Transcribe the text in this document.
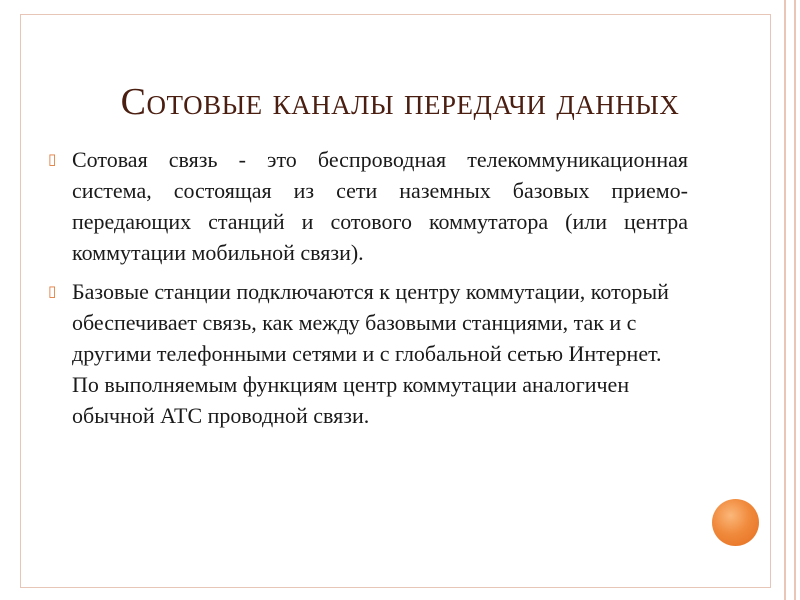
Сотовые каналы передачи данных
▯ Сотовая связь - это беспроводная телекоммуникационная система, состоящая из сети наземных базовых приемо-передающих станций и сотового коммутатора (или центра коммутации мобильной связи).
▯ Базовые станции подключаются к центру коммутации, который обеспечивает связь, как между базовыми станциями, так и с другими телефонными сетями и с глобальной сетью Интернет. По выполняемым функциям центр коммутации аналогичен обычной АТС проводной связи.
